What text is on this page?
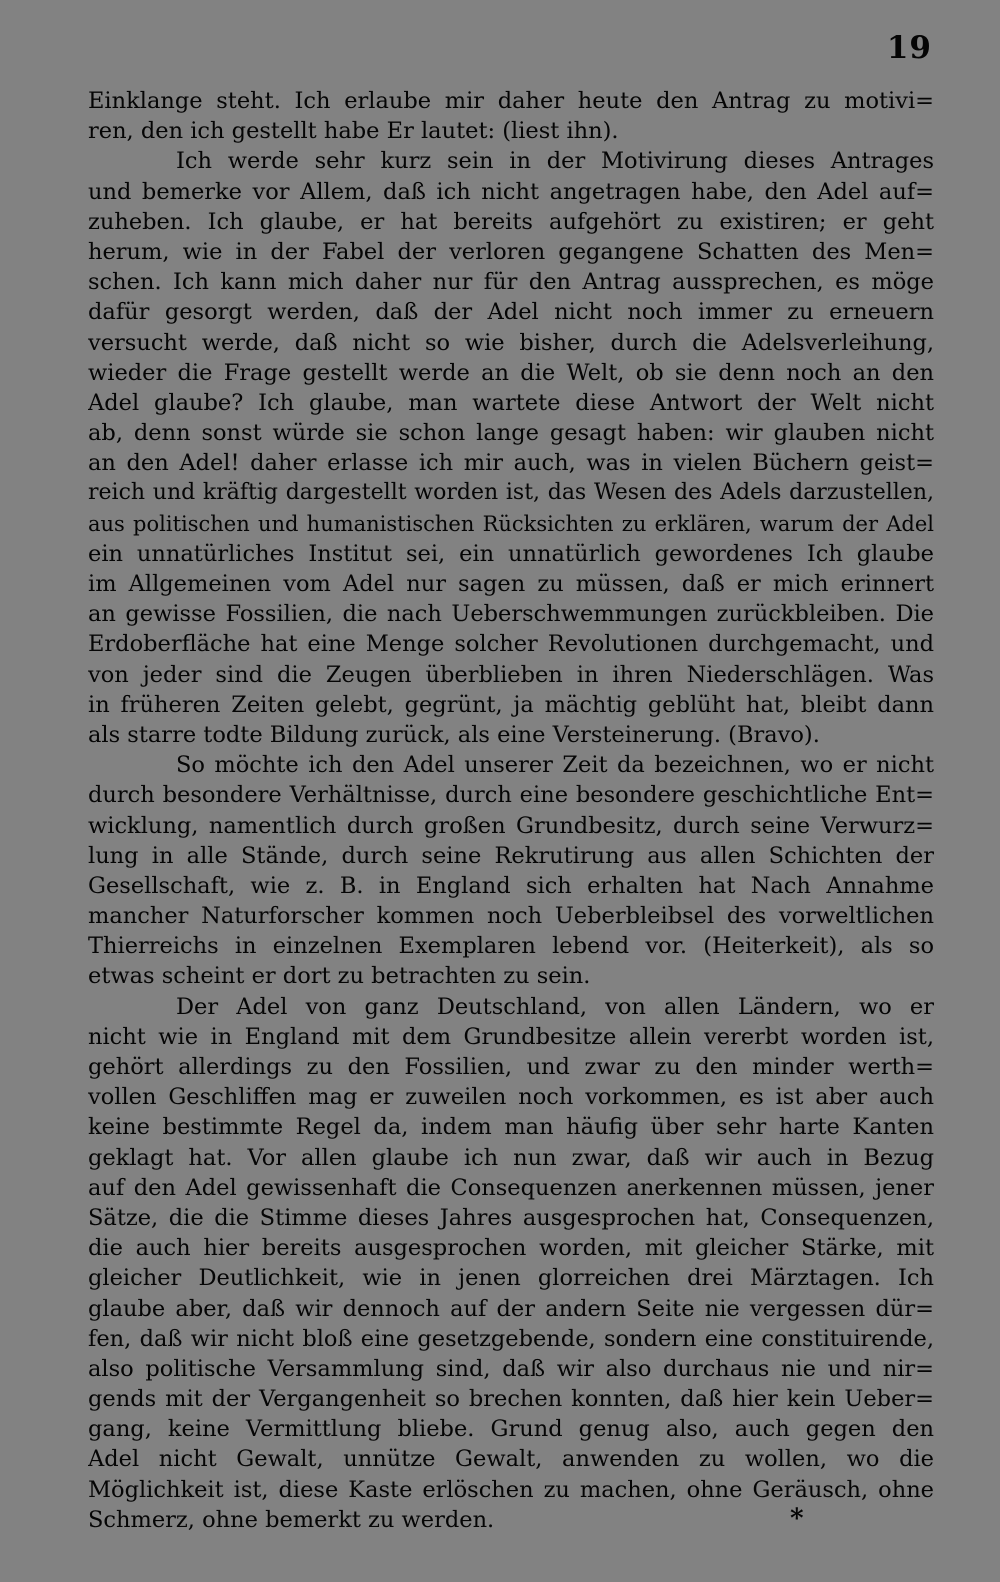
19
Einklange steht. Ich erlaube mir daher heute den Antrag zu motivi=
ren, den ich gestellt habe Er lautet: (liest ihn).
Ich werde sehr kurz sein in der Motivirung dieses Antrages
und bemerke vor Allem, daß ich nicht angetragen habe, den Adel auf=
zuheben. Ich glaube, er hat bereits aufgehört zu existiren; er geht
herum, wie in der Fabel der verloren gegangene Schatten des Men=
schen. Ich kann mich daher nur für den Antrag aussprechen, es möge
dafür gesorgt werden, daß der Adel nicht noch immer zu erneuern
versucht werde, daß nicht so wie bisher, durch die Adelsverleihung,
wieder die Frage gestellt werde an die Welt, ob sie denn noch an den
Adel glaube? Ich glaube, man wartete diese Antwort der Welt nicht
ab, denn sonst würde sie schon lange gesagt haben: wir glauben nicht
an den Adel! daher erlasse ich mir auch, was in vielen Büchern geist=
reich und kräftig dargestellt worden ist, das Wesen des Adels darzustellen,
aus politischen und humanistischen Rücksichten zu erklären, warum der Adel
ein unnatürliches Institut sei, ein unnatürlich gewordenes Ich glaube
im Allgemeinen vom Adel nur sagen zu müssen, daß er mich erinnert
an gewisse Fossilien, die nach Ueberschwemmungen zurückbleiben. Die
Erdoberfläche hat eine Menge solcher Revolutionen durchgemacht, und
von jeder sind die Zeugen überblieben in ihren Niederschlägen. Was
in früheren Zeiten gelebt, gegrünt, ja mächtig geblüht hat, bleibt dann
als starre todte Bildung zurück, als eine Versteinerung. (Bravo).
So möchte ich den Adel unserer Zeit da bezeichnen, wo er nicht
durch besondere Verhältnisse, durch eine besondere geschichtliche Ent=
wicklung, namentlich durch großen Grundbesitz, durch seine Verwurz=
lung in alle Stände, durch seine Rekrutirung aus allen Schichten der
Gesellschaft, wie z. B. in England sich erhalten hat Nach Annahme
mancher Naturforscher kommen noch Ueberbleibsel des vorweltlichen
Thierreichs in einzelnen Exemplaren lebend vor. (Heiterkeit), als so
etwas scheint er dort zu betrachten zu sein.
Der Adel von ganz Deutschland, von allen Ländern, wo er
nicht wie in England mit dem Grundbesitze allein vererbt worden ist,
gehört allerdings zu den Fossilien, und zwar zu den minder werth=
vollen Geschliffen mag er zuweilen noch vorkommen, es ist aber auch
keine bestimmte Regel da, indem man häufig über sehr harte Kanten
geklagt hat. Vor allen glaube ich nun zwar, daß wir auch in Bezug
auf den Adel gewissenhaft die Consequenzen anerkennen müssen, jener
Sätze, die die Stimme dieses Jahres ausgesprochen hat, Consequenzen,
die auch hier bereits ausgesprochen worden, mit gleicher Stärke, mit
gleicher Deutlichkeit, wie in jenen glorreichen drei Märztagen. Ich
glaube aber, daß wir dennoch auf der andern Seite nie vergessen dür=
fen, daß wir nicht bloß eine gesetzgebende, sondern eine constituirende,
also politische Versammlung sind, daß wir also durchaus nie und nir=
gends mit der Vergangenheit so brechen konnten, daß hier kein Ueber=
gang, keine Vermittlung bliebe. Grund genug also, auch gegen den
Adel nicht Gewalt, unnütze Gewalt, anwenden zu wollen, wo die
Möglichkeit ist, diese Kaste erlöschen zu machen, ohne Geräusch, ohne
Schmerz, ohne bemerkt zu werden.	*
